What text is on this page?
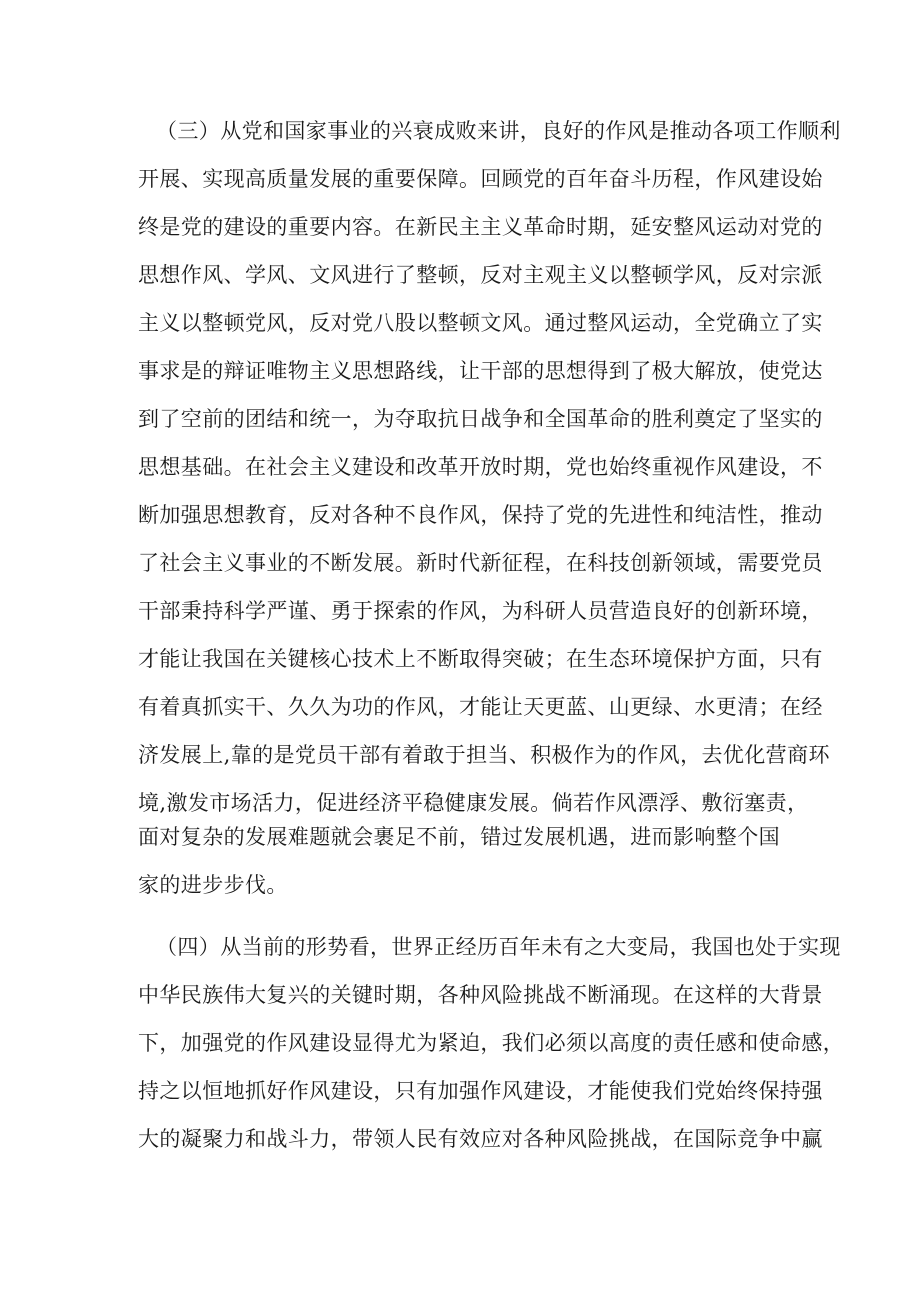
（三）从党和国家事业的兴衰成败来讲，良好的作风是推动各项工作顺利
开展、实现高质量发展的重要保障。回顾党的百年奋斗历程，作风建设始
终是党的建设的重要内容。在新民主主义革命时期，延安整风运动对党的
思想作风、学风、文风进行了整顿，反对主观主义以整顿学风，反对宗派
主义以整顿党风，反对党八股以整顿文风。通过整风运动，全党确立了实
事求是的辩证唯物主义思想路线，让干部的思想得到了极大解放，使党达
到了空前的团结和统一，为夺取抗日战争和全国革命的胜利奠定了坚实的
思想基础。在社会主义建设和改革开放时期，党也始终重视作风建设，不
断加强思想教育，反对各种不良作风，保持了党的先进性和纯洁性，推动
了社会主义事业的不断发展。新时代新征程，在科技创新领域，需要党员
干部秉持科学严谨、勇于探索的作风，为科研人员营造良好的创新环境，
才能让我国在关键核心技术上不断取得突破；在生态环境保护方面，只有
有着真抓实干、久久为功的作风，才能让天更蓝、山更绿、水更清；在经
济发展上,靠的是党员干部有着敢于担当、积极作为的作风，去优化营商环
境,激发市场活力，促进经济平稳健康发展。倘若作风漂浮、敷衍塞责，
面对复杂的发展难题就会裹足不前，错过发展机遇，进而影响整个国
家的进步步伐。
（四）从当前的形势看，世界正经历百年未有之大变局，我国也处于实现
中华民族伟大复兴的关键时期，各种风险挑战不断涌现。在这样的大背景
下，加强党的作风建设显得尤为紧迫，我们必须以高度的责任感和使命感，
持之以恒地抓好作风建设，只有加强作风建设，才能使我们党始终保持强
大的凝聚力和战斗力，带领人民有效应对各种风险挑战，在国际竞争中赢
